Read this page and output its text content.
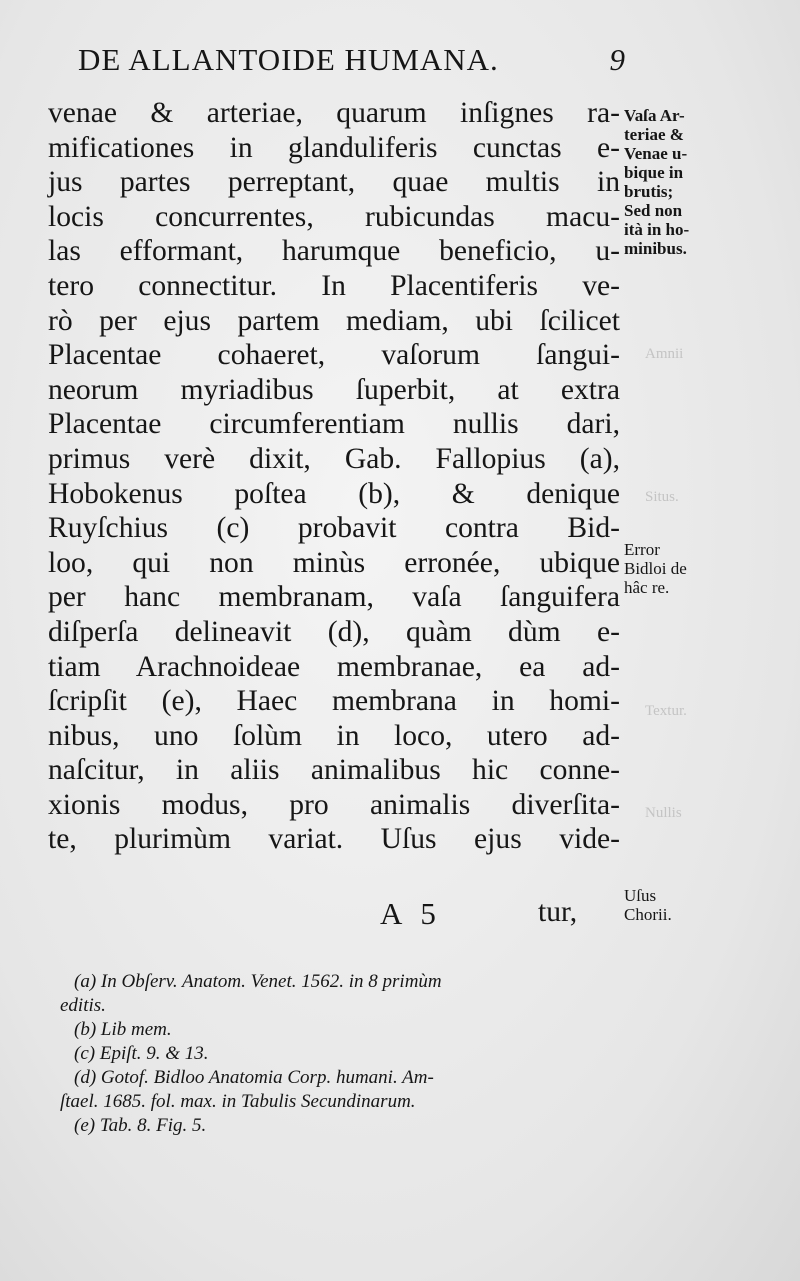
DE ALLANTOIDE HUMANA.	9
venae & arteriae, quarum inſignes ra-
mificationes in glanduliferis cunctas e-
jus partes perreptant, quae multis in
locis concurrentes, rubicundas macu-
las efformant, harumque beneficio, u-
tero connectitur. In Placentiferis ve-
rò per ejus partem mediam, ubi ſcilicet
Placentae cohaeret, vaſorum ſangui-
neorum myriadibus ſuperbit, at extra
Placentae circumferentiam nullis dari,
primus verè dixit, Gab. Fallopius (a),
Hobokenus poſtea (b), & denique
Ruyſchius (c) probavit contra Bid-
loo, qui non minùs erronée, ubique
per hanc membranam, vaſa ſanguifera
diſperſa delineavit (d), quàm dùm e-
tiam Arachnoideae membranae, ea ad-
ſcripſit (e), Haec membrana in homi-
nibus, uno ſolùm in loco, utero ad-
naſcitur, in aliis animalibus hic conne-
xionis modus, pro animalis diverſita-
te, plurimùm variat. Uſus ejus vide-
Vaſa Ar-
teriae &
Venae u-
bique in
brutis;
Sed non
ità in ho-
minibus.
Error
Bidloi de
hâc re.
Uſus
Chorii.
Amnii
Situs.
Textur.
Nullis
A 5	tur,
(a) In Obſerv. Anatom. Venet. 1562. in 8 primùm
editis.
(b) Lib mem.
(c) Epiſt. 9. & 13.
(d) Gotof. Bidloo Anatomia Corp. humani. Am-
ſtael. 1685. fol. max. in Tabulis Secundinarum.
(e) Tab. 8. Fig. 5.
